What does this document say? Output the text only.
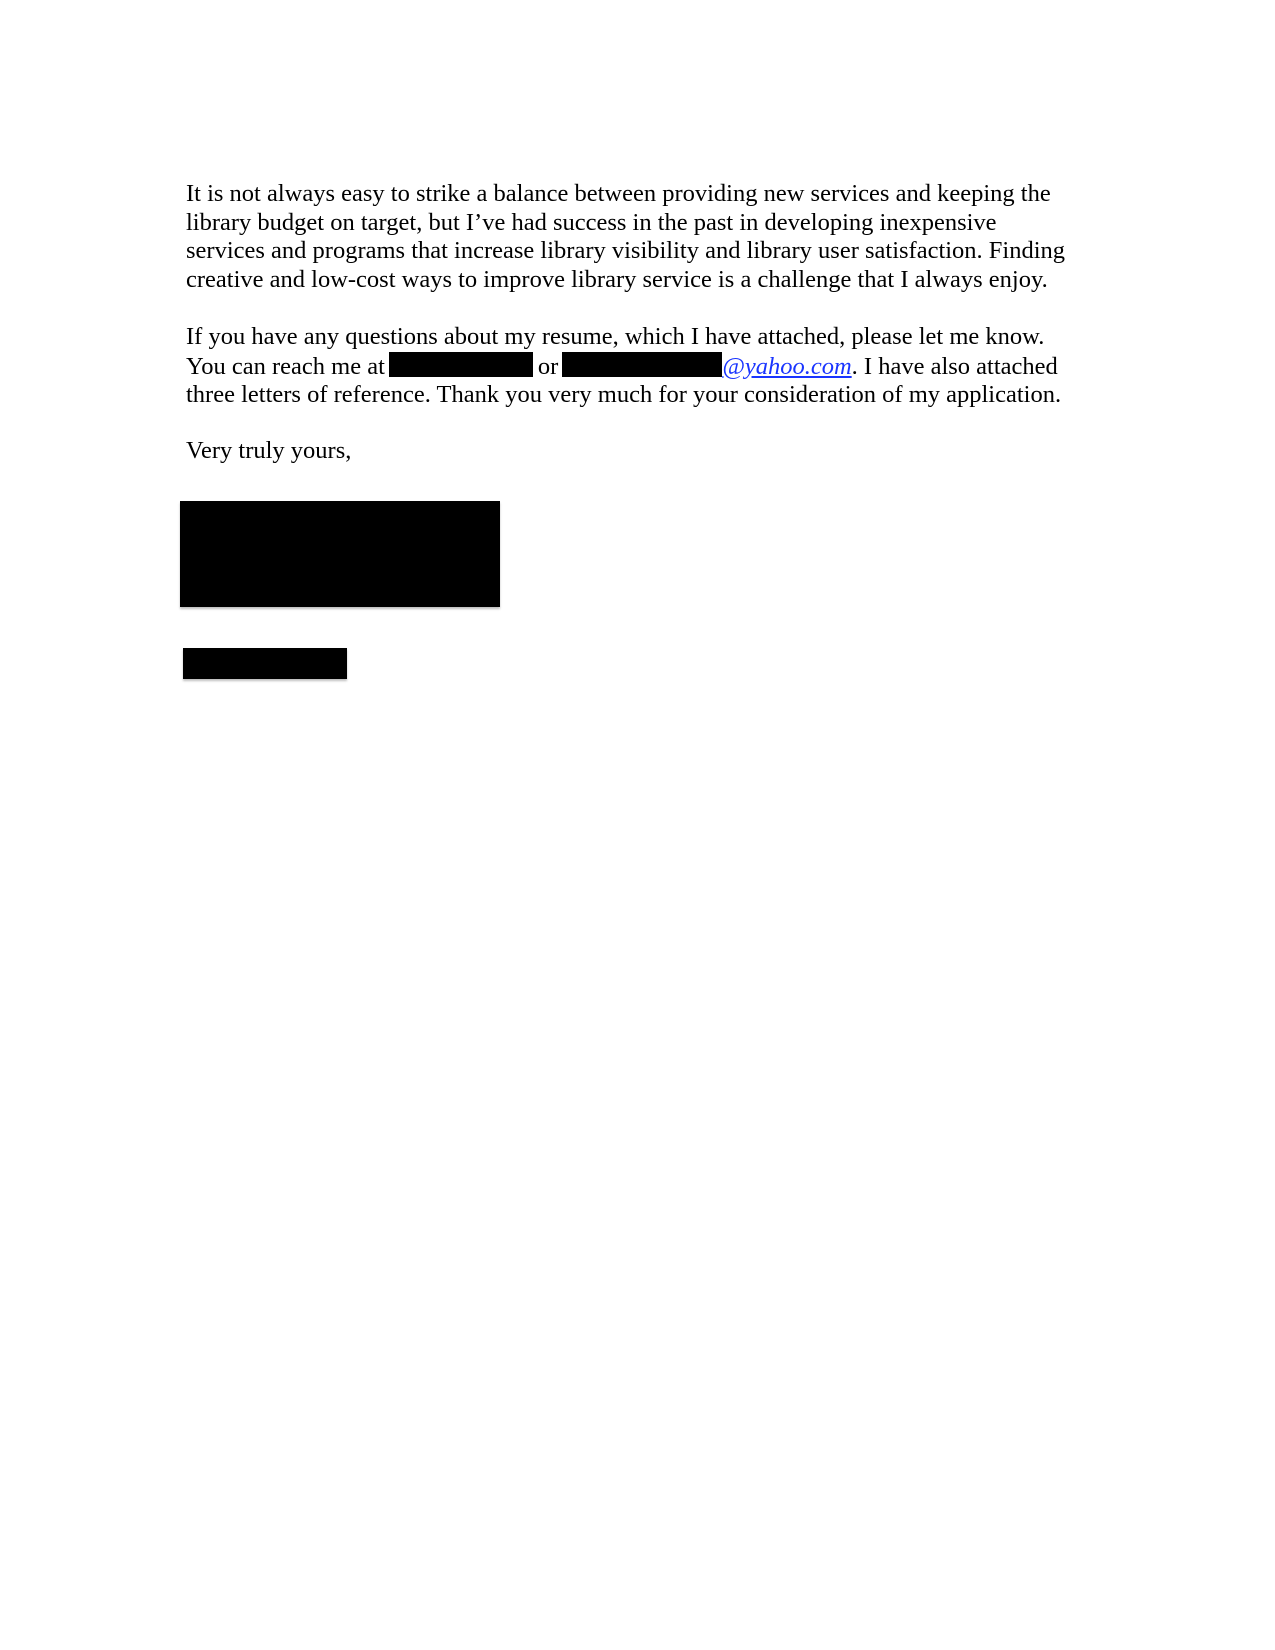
It is not always easy to strike a balance between providing new services and keeping the
library budget on target, but I’ve had success in the past in developing inexpensive
services and programs that increase library visibility and library user satisfaction. Finding
creative and low-cost ways to improve library service is a challenge that I always enjoy.

If you have any questions about my resume, which I have attached, please let me know.
You can reach me at	or	@yahoo.com. I have also attached
three letters of reference. Thank you very much for your consideration of my application.

Very truly yours,
